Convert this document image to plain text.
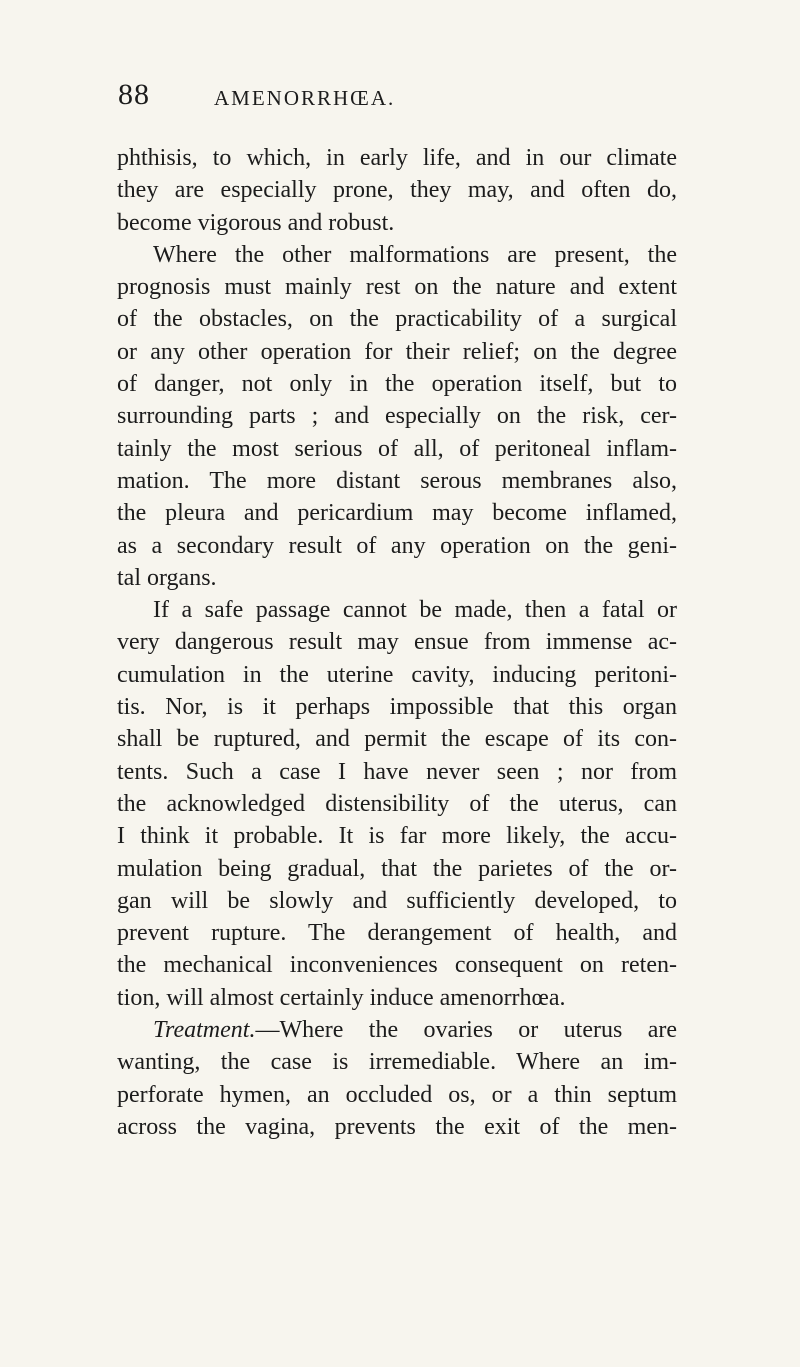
88	AMENORRHŒA.
phthisis, to which, in early life, and in our climate
they are especially prone, they may, and often do,
become vigorous and robust.
Where the other malformations are present, the
prognosis must mainly rest on the nature and extent
of the obstacles, on the practicability of a surgical
or any other operation for their relief; on the degree
of danger, not only in the operation itself, but to
surrounding parts ; and especially on the risk, cer-
tainly the most serious of all, of peritoneal inflam-
mation. The more distant serous membranes also,
the pleura and pericardium may become inflamed,
as a secondary result of any operation on the geni-
tal organs.
If a safe passage cannot be made, then a fatal or
very dangerous result may ensue from immense ac-
cumulation in the uterine cavity, inducing peritoni-
tis. Nor, is it perhaps impossible that this organ
shall be ruptured, and permit the escape of its con-
tents. Such a case I have never seen ; nor from
the acknowledged distensibility of the uterus, can
I think it probable. It is far more likely, the accu-
mulation being gradual, that the parietes of the or-
gan will be slowly and sufficiently developed, to
prevent rupture. The derangement of health, and
the mechanical inconveniences consequent on reten-
tion, will almost certainly induce amenorrhœa.
Treatment.—Where the ovaries or uterus are
wanting, the case is irremediable. Where an im-
perforate hymen, an occluded os, or a thin septum
across the vagina, prevents the exit of the men-
